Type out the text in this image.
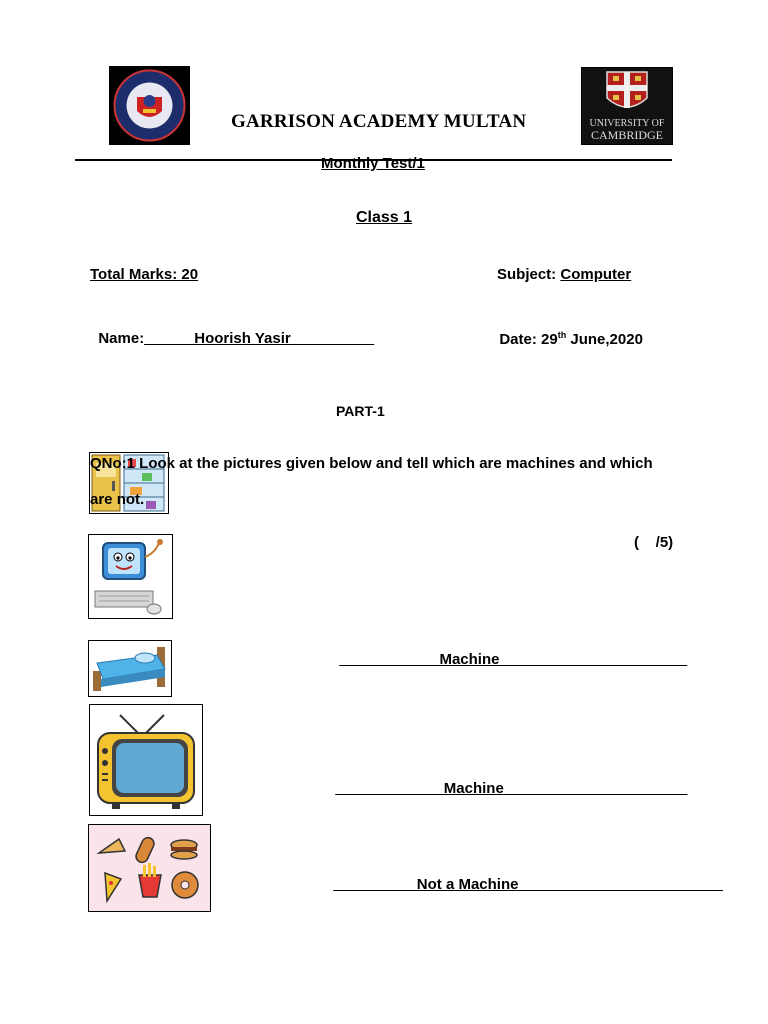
GARRISON ACADEMY MULTAN	UNIVERSITY OF
CAMBRIDGE
Monthly Test/1
Class 1
Total Marks: 20	Subject: Computer

Name:______Hoorish Yasir__________	Date: 29th June,2020

PART-1
QNo:1 Look at the pictures given below and tell which are machines and which
are not.
(    /5)

____________Machine ______________________

_____________Machine______________________

__________Not a Machine ________________________
